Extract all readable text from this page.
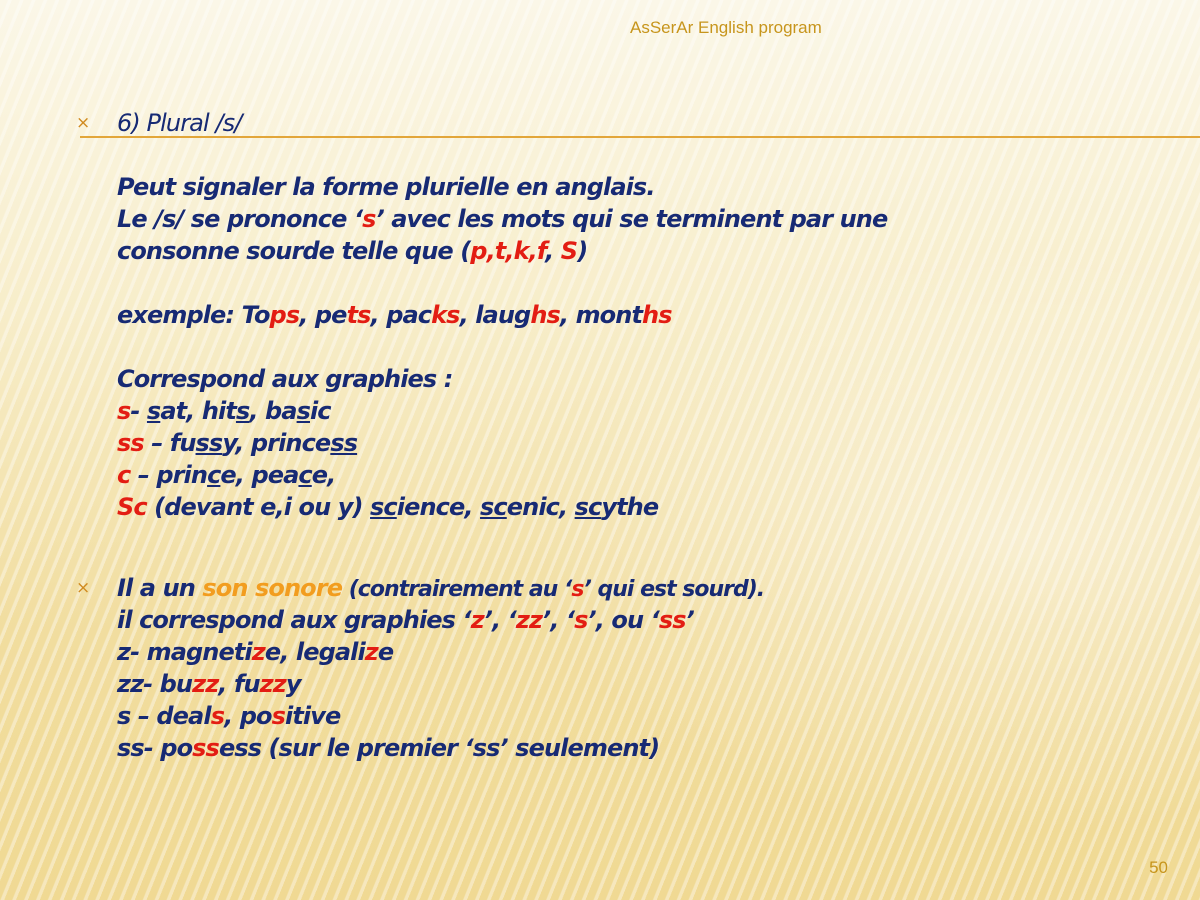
AsSerAr English program
×
×
6) Plural /s/
Peut signaler la forme plurielle en anglais.
Le /s/ se prononce ‘s’ avec les mots qui se terminent par une
consonne sourde telle que (p,t,k,f, S)
exemple: Tops, pets, packs, laughs, months
Correspond aux graphies :
s- sat, hits, basic
ss – fussy, princess
c – prince, peace,
Sc (devant e,i ou y) science, scenic, scythe
Il a un son sonore (contrairement au ‘s’ qui est sourd).
il correspond aux graphies ‘z’, ‘zz’, ‘s’, ou ‘ss’
z- magnetize, legalize
zz- buzz, fuzzy
s – deals, positive
ss- possess (sur le premier ‘ss’ seulement)
50
